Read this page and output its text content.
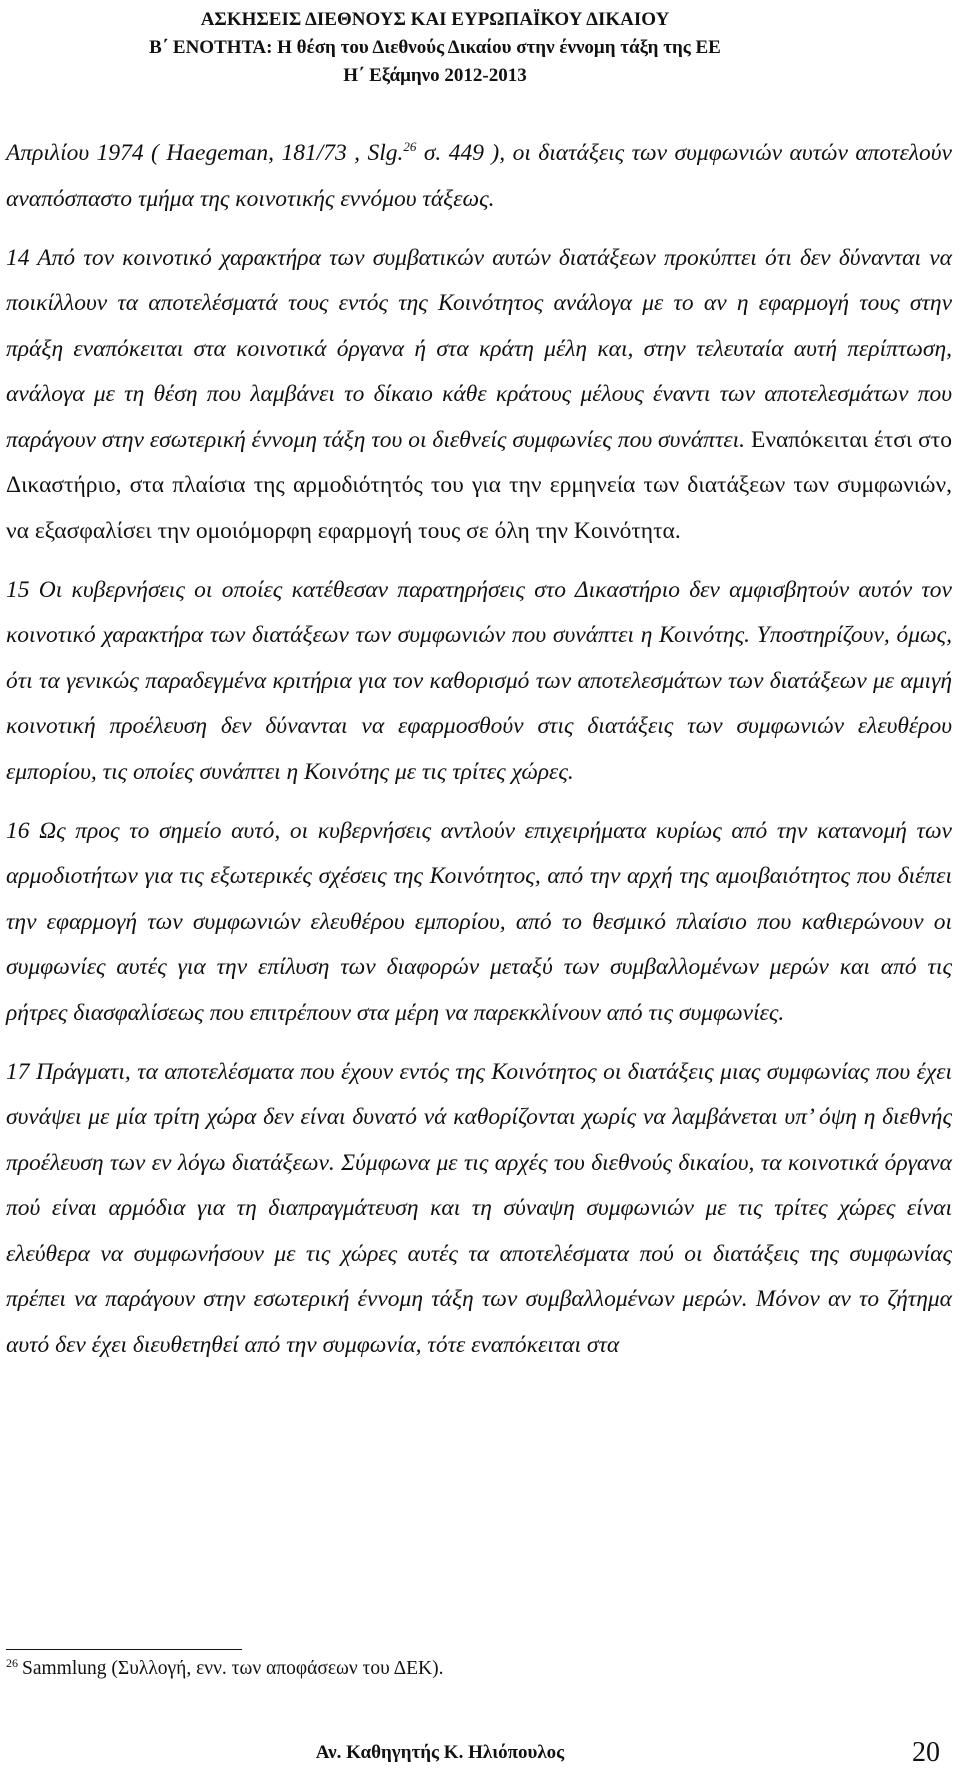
ΑΣΚΗΣΕΙΣ ΔΙΕΘΝΟΥΣ ΚΑΙ ΕΥΡΩΠΑΪΚΟΥ ΔΙΚΑΙΟΥ
Β΄ ΕΝΟΤΗΤΑ: Η θέση του Διεθνούς Δικαίου στην έννομη τάξη της ΕΕ
Η΄ Εξάμηνο 2012-2013

Απριλίου 1974 ( Haegeman, 181/73 , Slg.$^{26}$ σ. 449 ), οι διατάξεις των συμφωνιών αυτών αποτελούν αναπόσπαστο τμήμα της κοινοτικής εννόμου τάξεως.

14 Από τον κοινοτικό χαρακτήρα των συμβατικών αυτών διατάξεων προκύπτει ότι δεν δύνανται να ποικίλλουν τα αποτελέσματά τους εντός της Κοινότητος ανάλογα με το αν η εφαρμογή τους στην πράξη εναπόκειται στα κοινοτικά όργανα ή στα κράτη μέλη και, στην τελευταία αυτή περίπτωση, ανάλογα με τη θέση που λαμβάνει το δίκαιο κάθε κράτους μέλους έναντι των αποτελεσμάτων που παράγουν στην εσωτερική έννομη τάξη του οι διεθνείς συμφωνίες που συνάπτει. Εναπόκειται έτσι στο Δικαστήριο, στα πλαίσια της αρμοδιότητός του για την ερμηνεία των διατάξεων των συμφωνιών, να εξασφαλίσει την ομοιόμορφη εφαρμογή τους σε όλη την Κοινότητα.

15 Οι κυβερνήσεις οι οποίες κατέθεσαν παρατηρήσεις στο Δικαστήριο δεν αμφισβητούν αυτόν τον κοινοτικό χαρακτήρα των διατάξεων των συμφωνιών που συνάπτει η Κοινότης. Υποστηρίζουν, όμως, ότι τα γενικώς παραδεγμένα κριτήρια για τον καθορισμό των αποτελεσμάτων των διατάξεων με αμιγή κοινοτική προέλευση δεν δύνανται να εφαρμοσθούν στις διατάξεις των συμφωνιών ελευθέρου εμπορίου, τις οποίες συνάπτει η Κοινότης με τις τρίτες χώρες.

16 Ως προς το σημείο αυτό, οι κυβερνήσεις αντλούν επιχειρήματα κυρίως από την κατανομή των αρμοδιοτήτων για τις εξωτερικές σχέσεις της Κοινότητος, από την αρχή της αμοιβαιότητος που διέπει την εφαρμογή των συμφωνιών ελευθέρου εμπορίου, από το θεσμικό πλαίσιο που καθιερώνουν οι συμφωνίες αυτές για την επίλυση των διαφορών μεταξύ των συμβαλλομένων μερών και από τις ρήτρες διασφαλίσεως που επιτρέπουν στα μέρη να παρεκκλίνουν από τις συμφωνίες.

17 Πράγματι, τα αποτελέσματα που έχουν εντός της Κοινότητος οι διατάξεις μιας συμφωνίας που έχει συνάψει με μία τρίτη χώρα δεν είναι δυνατό νά καθορίζονται χωρίς να λαμβάνεται υπ’ όψη η διεθνής προέλευση των εν λόγω διατάξεων. Σύμφωνα με τις αρχές του διεθνούς δικαίου, τα κοινοτικά όργανα πού είναι αρμόδια για τη διαπραγμάτευση και τη σύναψη συμφωνιών με τις τρίτες χώρες είναι ελεύθερα να συμφωνήσουν με τις χώρες αυτές τα αποτελέσματα πού οι διατάξεις της συμφωνίας πρέπει να παράγουν στην εσωτερική έννομη τάξη των συμβαλλομένων μερών. Μόνον αν το ζήτημα αυτό δεν έχει διευθετηθεί από την συμφωνία, τότε εναπόκειται στα

$^{26}$ Sammlung (Συλλογή, ενν. των αποφάσεων του ΔΕΚ).
Αν. Καθηγητής Κ. Ηλιόπουλος	20
